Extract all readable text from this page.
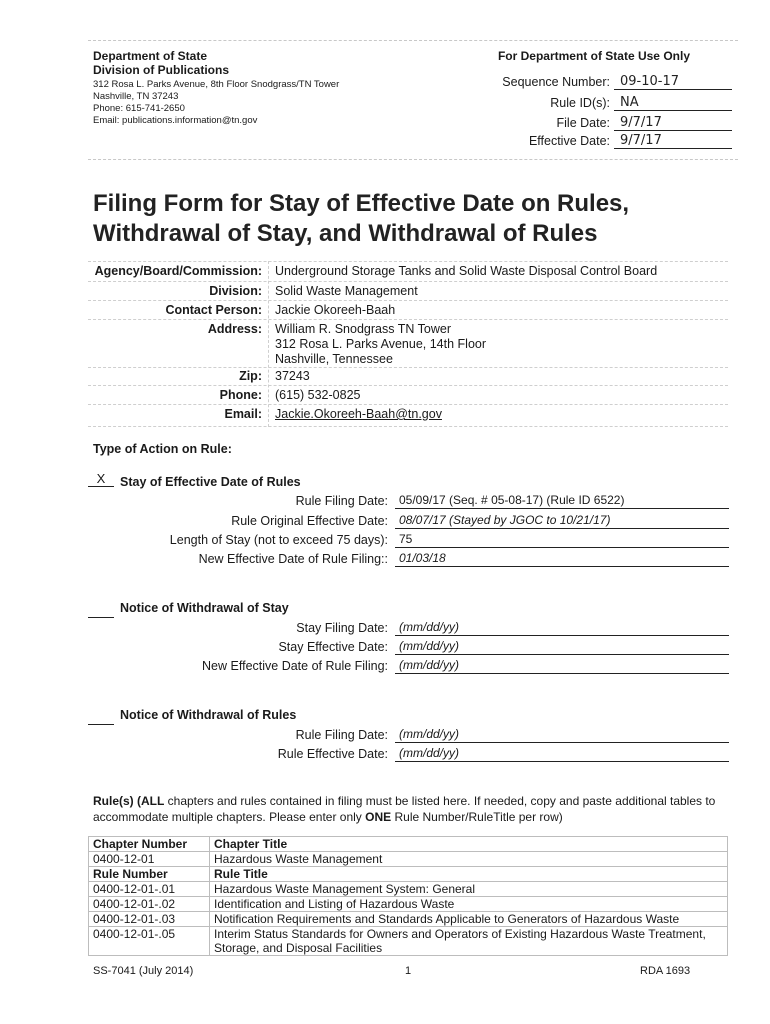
Department of State
Division of Publications
312 Rosa L. Parks Avenue, 8th Floor Snodgrass/TN Tower
Nashville, TN 37243
Phone: 615-741-2650
Email: publications.information@tn.gov
For Department of State Use Only
Sequence Number: 09-10-17
Rule ID(s): NA
File Date: 9/7/17
Effective Date: 9/7/17
Filing Form for Stay of Effective Date on Rules,
Withdrawal of Stay, and Withdrawal of Rules
Agency/Board/Commission: Underground Storage Tanks and Solid Waste Disposal Control Board
Division: Solid Waste Management
Contact Person: Jackie Okoreeh-Baah
Address: William R. Snodgrass TN Tower
312 Rosa L. Parks Avenue, 14th Floor
Nashville, Tennessee
Zip: 37243
Phone: (615) 532-0825
Email: Jackie.Okoreeh-Baah@tn.gov
Type of Action on Rule:
X	Stay of Effective Date of Rules
Rule Filing Date: 05/09/17 (Seq. # 05-08-17) (Rule ID 6522)
Rule Original Effective Date: 08/07/17 (Stayed by JGOC to 10/21/17)
Length of Stay (not to exceed 75 days): 75
New Effective Date of Rule Filing:: 01/03/18
Notice of Withdrawal of Stay
Stay Filing Date: (mm/dd/yy)
Stay Effective Date: (mm/dd/yy)
New Effective Date of Rule Filing: (mm/dd/yy)
Notice of Withdrawal of Rules
Rule Filing Date: (mm/dd/yy)
Rule Effective Date: (mm/dd/yy)
Rule(s) (ALL chapters and rules contained in filing must be listed here. If needed, copy and paste additional tables to accommodate multiple chapters. Please enter only ONE Rule Number/RuleTitle per row)
Chapter Number	Chapter Title
0400-12-01	Hazardous Waste Management
Rule Number	Rule Title
0400-12-01-.01	Hazardous Waste Management System: General
0400-12-01-.02	Identification and Listing of Hazardous Waste
0400-12-01-.03	Notification Requirements and Standards Applicable to Generators of Hazardous Waste
0400-12-01-.05	Interim Status Standards for Owners and Operators of Existing Hazardous Waste Treatment, Storage, and Disposal Facilities
SS-7041 (July 2014)	1	RDA 1693
